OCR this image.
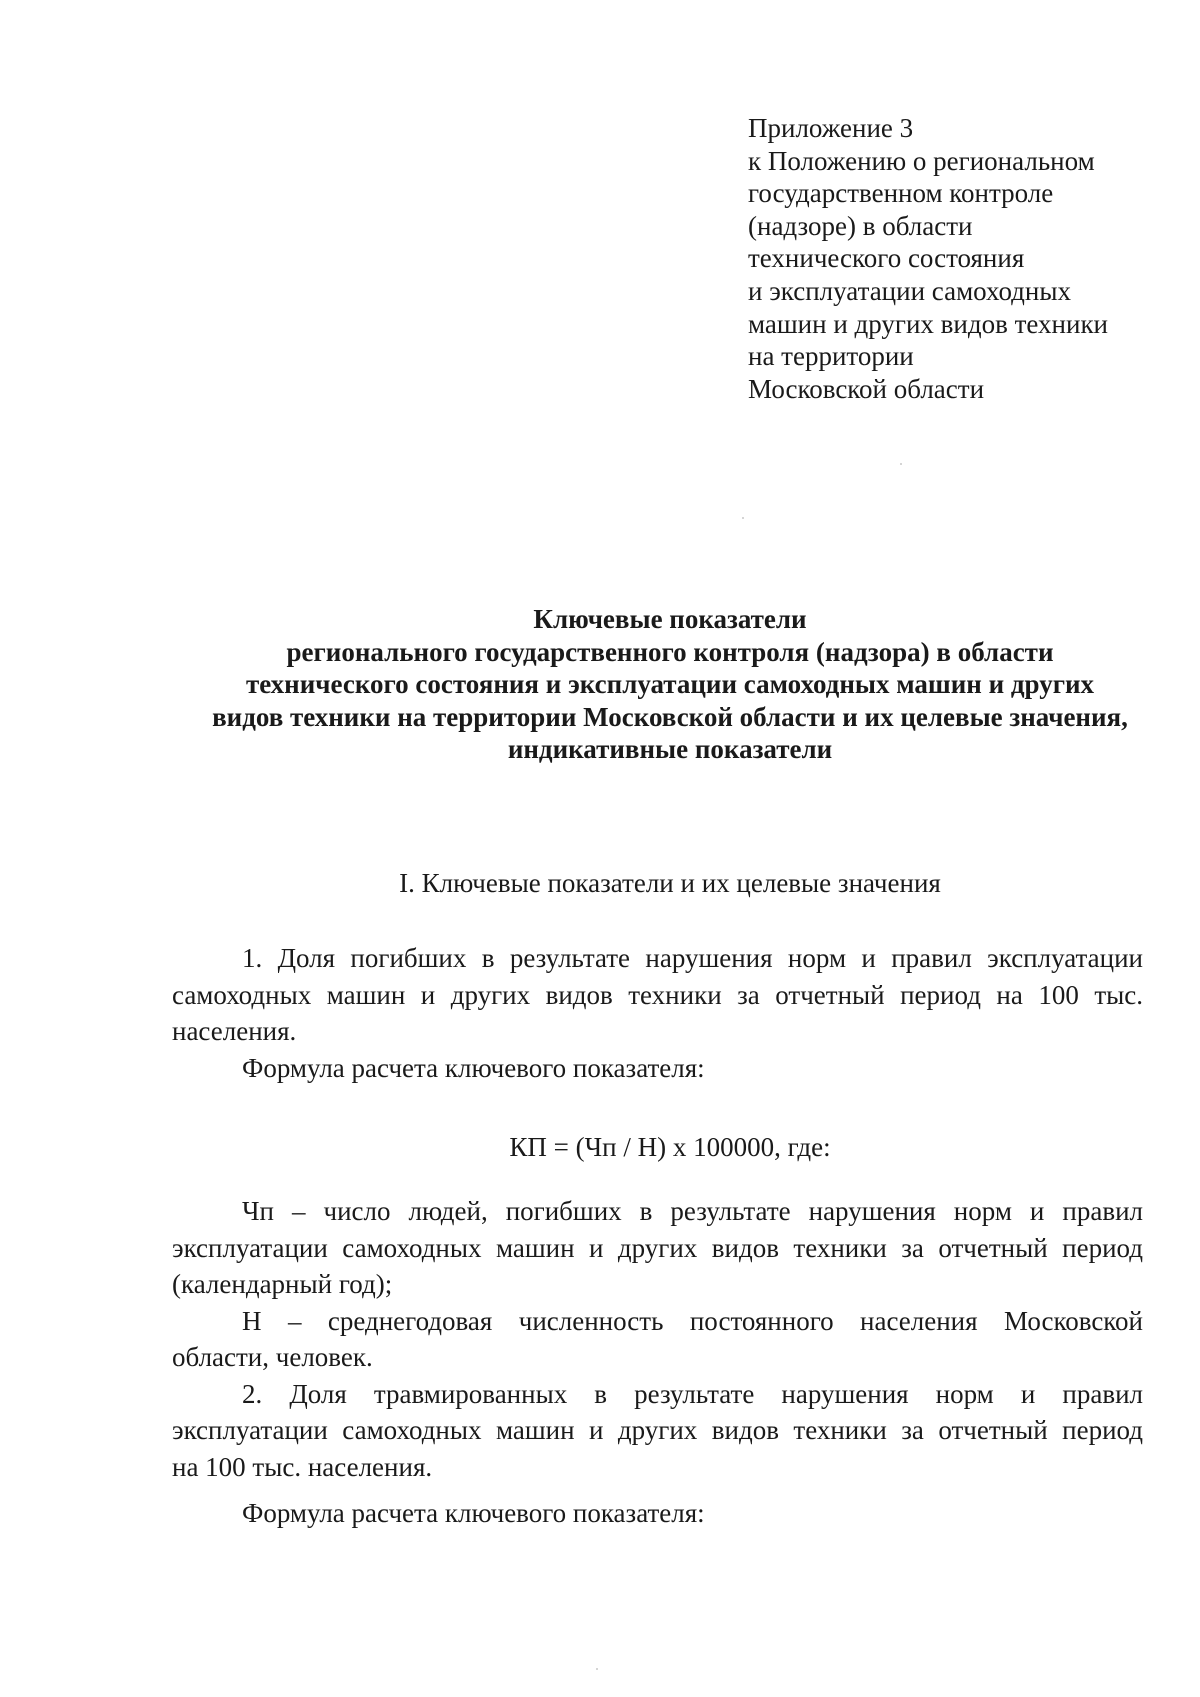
Приложение 3
к Положению о региональном
государственном контроле
(надзоре) в области
технического состояния
и эксплуатации самоходных
машин и других видов техники
на территории
Московской области
Ключевые показатели
регионального государственного контроля (надзора) в области
технического состояния и эксплуатации самоходных машин и других
видов техники на территории Московской области и их целевые значения,
индикативные показатели
I. Ключевые показатели и их целевые значения
1. Доля погибших в результате нарушения норм и правил эксплуатации
самоходных машин и других видов техники за отчетный период на 100 тыс.
населения.
Формула расчета ключевого показателя:
КП = (Чп / Н) х 100000, где:
Чп – число людей, погибших в результате нарушения норм и правил
эксплуатации самоходных машин и других видов техники за отчетный период
(календарный год);
Н – среднегодовая численность постоянного населения Московской
области, человек.
2. Доля травмированных в результате нарушения норм и правил
эксплуатации самоходных машин и других видов техники за отчетный период
на 100 тыс. населения.
Формула расчета ключевого показателя:
